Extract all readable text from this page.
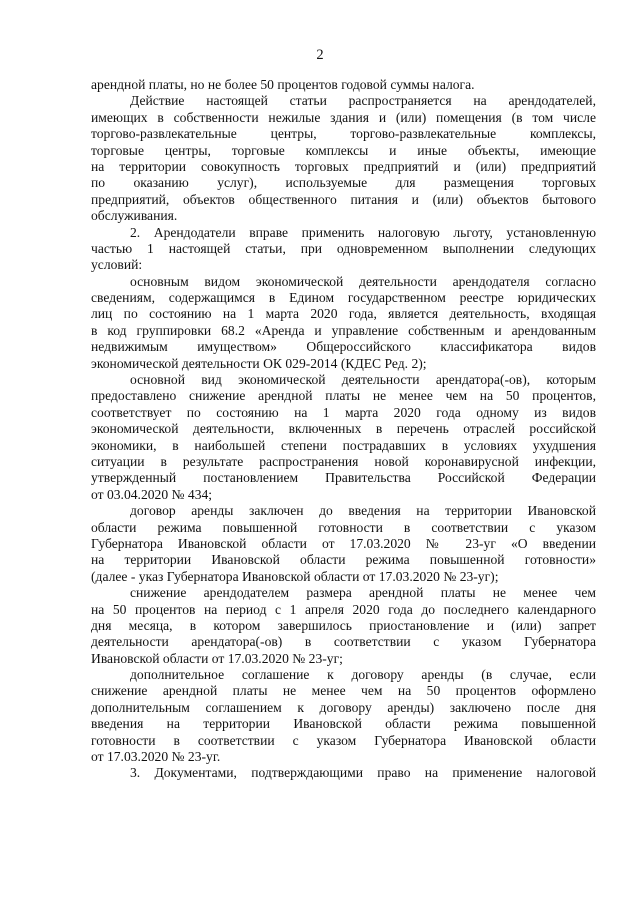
2
арендной платы, но не более 50 процентов годовой суммы налога.
Действие настоящей статьи распространяется на арендодателей,
имеющих в собственности нежилые здания и (или) помещения (в том числе
торгово-развлекательные центры, торгово-развлекательные комплексы,
торговые центры, торговые комплексы и иные объекты, имеющие
на территории совокупность торговых предприятий и (или) предприятий
по оказанию услуг), используемые для размещения торговых
предприятий, объектов общественного питания и (или) объектов бытового
обслуживания.
2. Арендодатели вправе применить налоговую льготу, установленную
частью 1 настоящей статьи, при одновременном выполнении следующих
условий:
основным видом экономической деятельности арендодателя согласно
сведениям, содержащимся в Едином государственном реестре юридических
лиц по состоянию на 1 марта 2020 года, является деятельность, входящая
в код группировки 68.2 «Аренда и управление собственным и арендованным
недвижимым имуществом» Общероссийского классификатора видов
экономической деятельности ОК 029-2014 (КДЕС Ред. 2);
основной вид экономической деятельности арендатора(-ов), которым
предоставлено снижение арендной платы не менее чем на 50 процентов,
соответствует по состоянию на 1 марта 2020 года одному из видов
экономической деятельности, включенных в перечень отраслей российской
экономики, в наибольшей степени пострадавших в условиях ухудшения
ситуации в результате распространения новой коронавирусной инфекции,
утвержденный постановлением Правительства Российской Федерации
от 03.04.2020 № 434;
договор аренды заключен до введения на территории Ивановской
области режима повышенной готовности в соответствии с указом
Губернатора Ивановской области от 17.03.2020 № 23-уг «О введении
на территории Ивановской области режима повышенной готовности»
(далее - указ Губернатора Ивановской области от 17.03.2020 № 23-уг);
снижение арендодателем размера арендной платы не менее чем
на 50 процентов на период с 1 апреля 2020 года до последнего календарного
дня месяца, в котором завершилось приостановление и (или) запрет
деятельности арендатора(-ов) в соответствии с указом Губернатора
Ивановской области от 17.03.2020 № 23-уг;
дополнительное соглашение к договору аренды (в случае, если
снижение арендной платы не менее чем на 50 процентов оформлено
дополнительным соглашением к договору аренды) заключено после дня
введения на территории Ивановской области режима повышенной
готовности в соответствии с указом Губернатора Ивановской области
от 17.03.2020 № 23-уг.
3. Документами, подтверждающими право на применение налоговой
